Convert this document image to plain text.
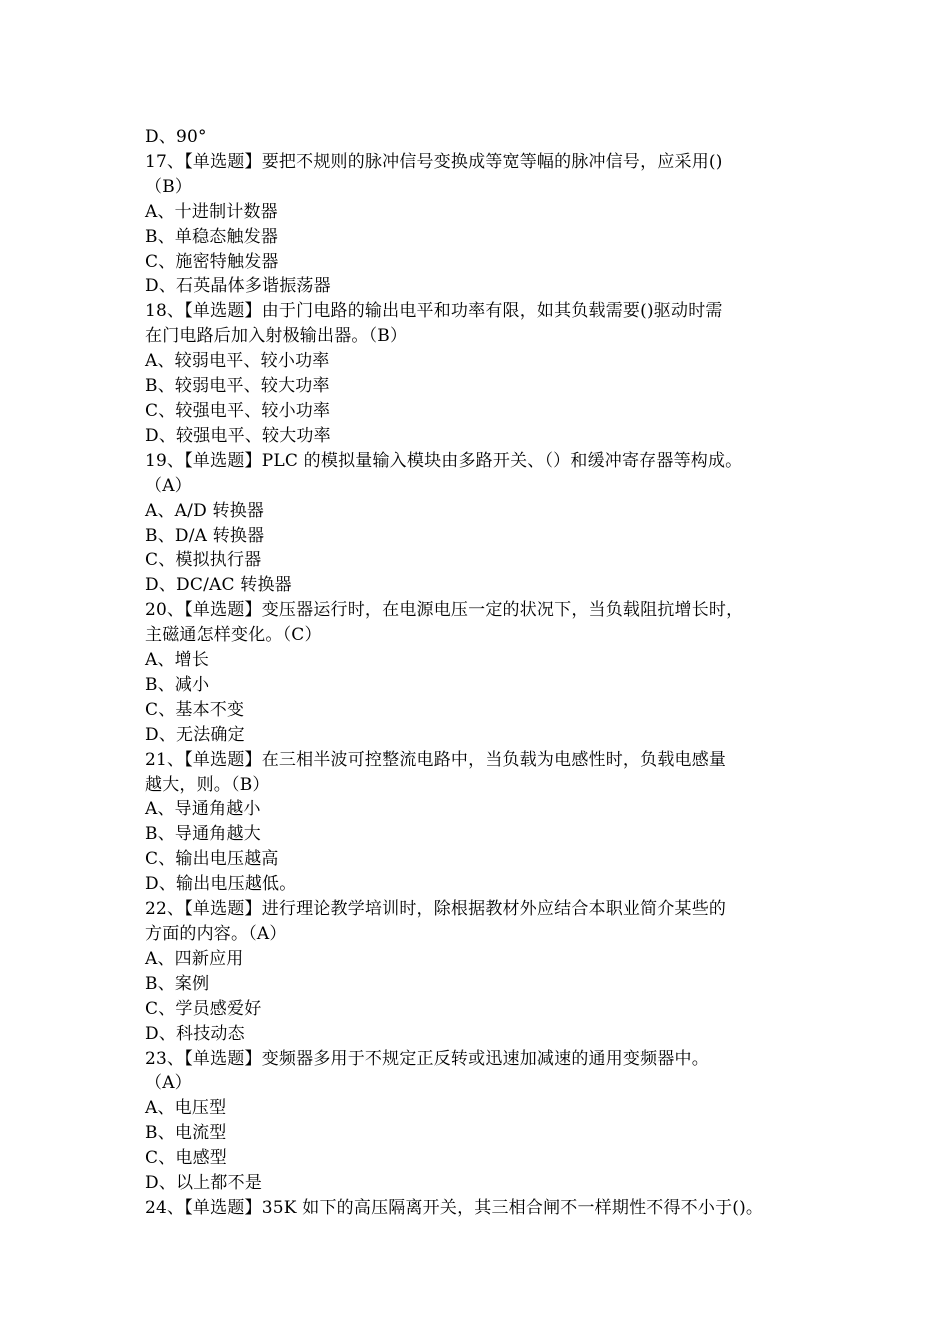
D、90°
17、【单选题】要把不规则的脉冲信号变换成等宽等幅的脉冲信号，应采用()
（B）
A、十进制计数器
B、单稳态触发器
C、施密特触发器
D、石英晶体多谐振荡器
18、【单选题】由于门电路的输出电平和功率有限，如其负载需要()驱动时需
在门电路后加入射极输出器。（B）
A、较弱电平、较小功率
B、较弱电平、较大功率
C、较强电平、较小功率
D、较强电平、较大功率
19、【单选题】PLC 的模拟量输入模块由多路开关、（）和缓冲寄存器等构成。
（A）
A、A/D 转换器
B、D/A 转换器
C、模拟执行器
D、DC/AC 转换器
20、【单选题】变压器运行时，在电源电压一定的状况下，当负载阻抗增长时，
主磁通怎样变化。（C）
A、增长
B、减小
C、基本不变
D、无法确定
21、【单选题】在三相半波可控整流电路中，当负载为电感性时，负载电感量
越大，则。（B）
A、导通角越小
B、导通角越大
C、输出电压越高
D、输出电压越低。
22、【单选题】进行理论教学培训时，除根据教材外应结合本职业简介某些的
方面的内容。（A）
A、四新应用
B、案例
C、学员感爱好
D、科技动态
23、【单选题】变频器多用于不规定正反转或迅速加减速的通用变频器中。
（A）
A、电压型
B、电流型
C、电感型
D、以上都不是
24、【单选题】35K 如下的高压隔离开关，其三相合闸不一样期性不得不小于()。
